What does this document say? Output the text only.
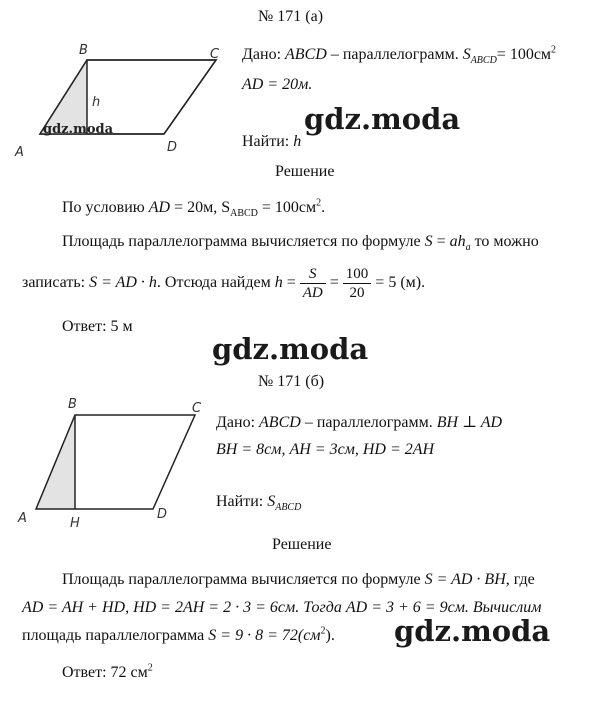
№ 171 (а)
B	C
A	D
h
gdz.moda
Дано: ABCD – параллелограмм. $S_{ABCD}= 100см^2$
AD = 20м.
gdz.moda
Найти: h
Решение
По условию AD = 20м, $S_{ABCD} = 100см^2$.
Площадь параллелограмма вычисляется по формуле $S = ah_a$ то можно
записать: S = AD · h. Отсюда найдем $h = \frac{S}{AD} = \frac{100}{20} = 5$ (м).
Ответ: 5 м
gdz.moda
№ 171 (б)
B	C
A	H
D
Дано: ABCD – параллелограмм. BH ⊥ AD
BH = 8см, AH = 3см, HD = 2AH
Найти: $S_{ABCD}$
Решение
Площадь параллелограмма вычисляется по формуле S = AD · BH, где
AD = AH + HD, HD = 2AH = 2 · 3 = 6см. Тогда AD = 3 + 6 = 9см. Вычислим
площадь параллелограмма $S = 9 \cdot 8 = 72(см^2)$. gdz.moda
Ответ: 72 $см^2$
